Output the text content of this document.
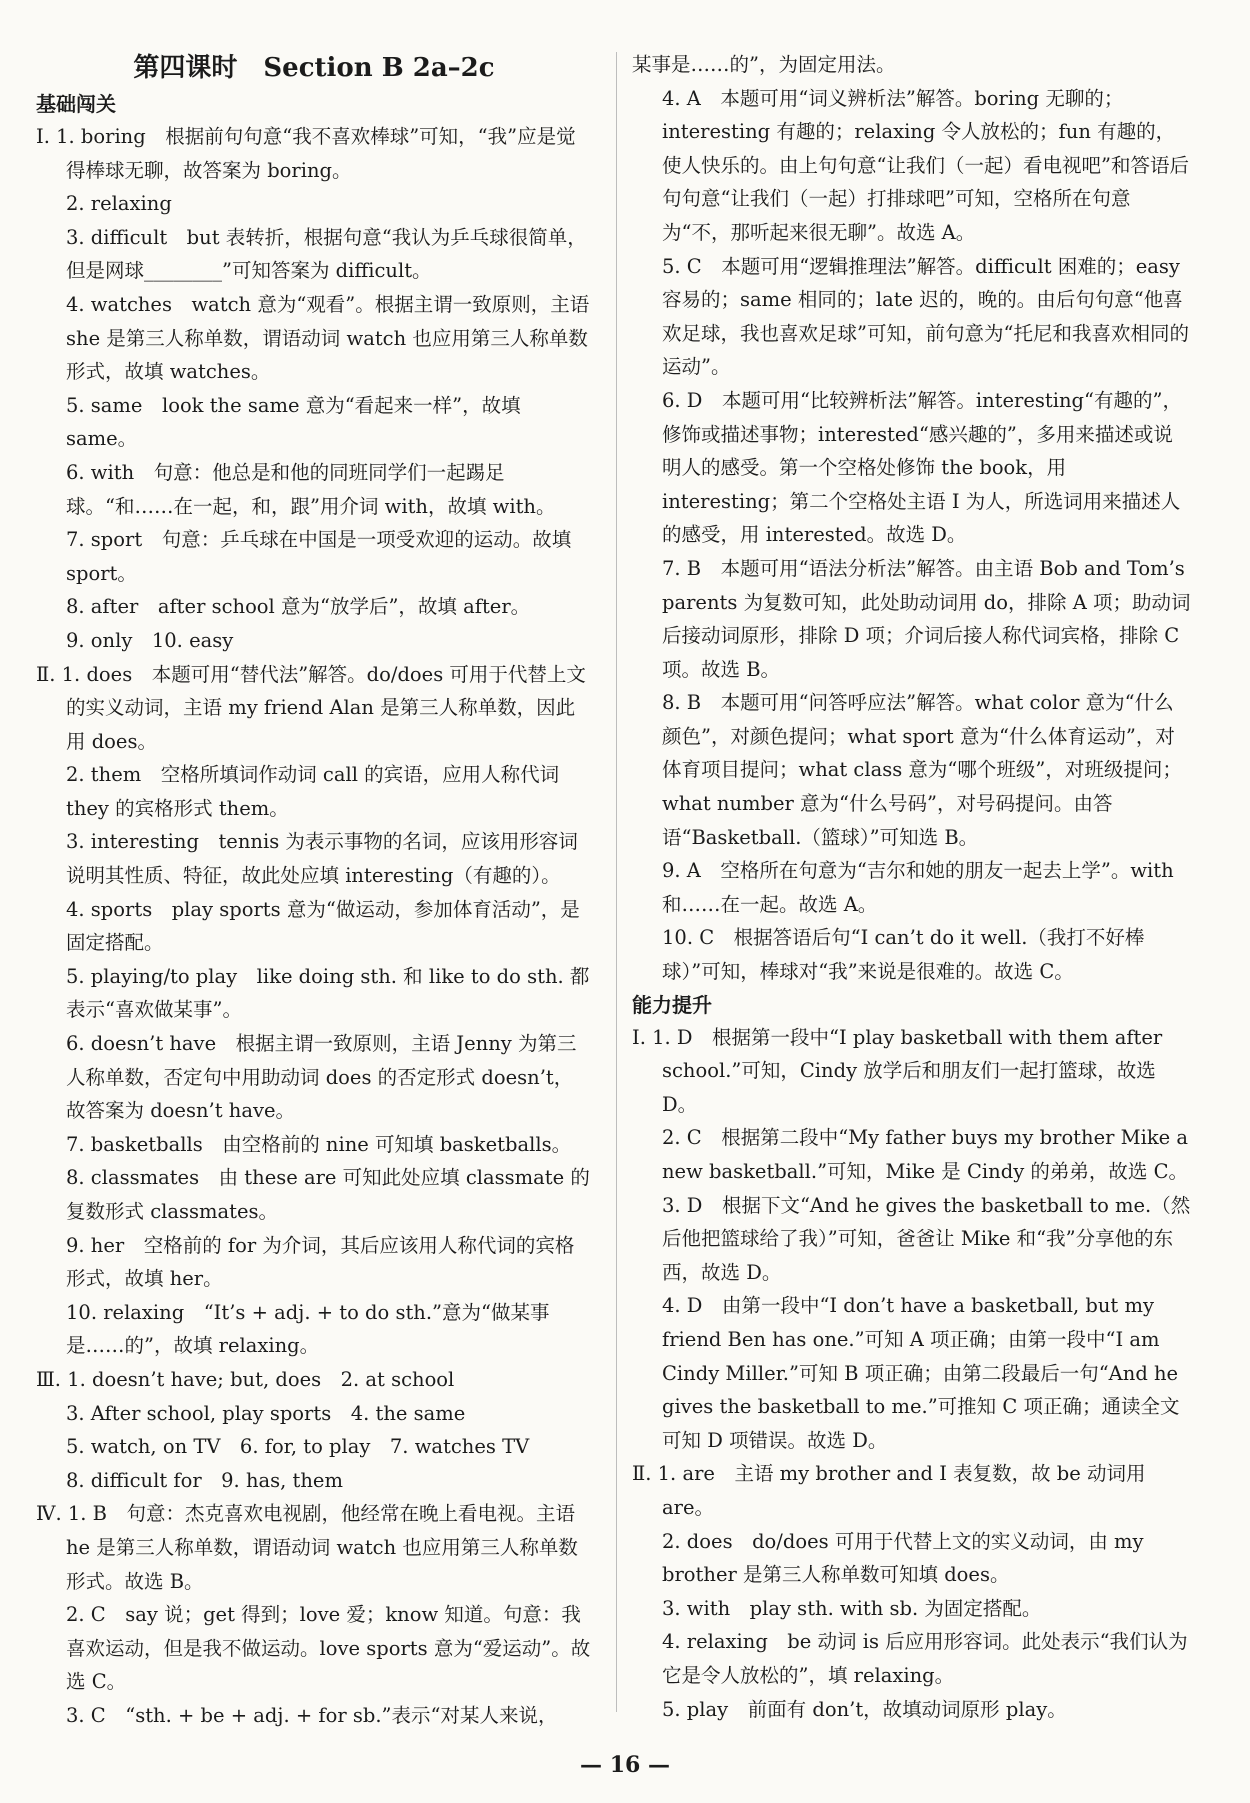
第四课时　Section B 2a–2c
基础闯关

Ⅰ. 1. boring　根据前句句意“我不喜欢棒球”可知，“我”应是觉得棒球无聊，故答案为 boring。

2. relaxing

3. difficult　but 表转折，根据句意“我认为乒乓球很简单，但是网球________”可知答案为 difficult。

4. watches　watch 意为“观看”。根据主谓一致原则，主语 she 是第三人称单数，谓语动词 watch 也应用第三人称单数形式，故填 watches。

5. same　look the same 意为“看起来一样”，故填 same。

6. with　句意：他总是和他的同班同学们一起踢足球。“和……在一起，和，跟”用介词 with，故填 with。

7. sport　句意：乒乓球在中国是一项受欢迎的运动。故填 sport。

8. after　after school 意为“放学后”，故填 after。

9. only　10. easy

Ⅱ. 1. does　本题可用“替代法”解答。do/does 可用于代替上文的实义动词，主语 my friend Alan 是第三人称单数，因此用 does。

2. them　空格所填词作动词 call 的宾语，应用人称代词 they 的宾格形式 them。

3. interesting　tennis 为表示事物的名词，应该用形容词说明其性质、特征，故此处应填 interesting（有趣的）。

4. sports　play sports 意为“做运动，参加体育活动”，是固定搭配。

5. playing/to play　like doing sth. 和 like to do sth. 都表示“喜欢做某事”。

6. doesn’t have　根据主谓一致原则，主语 Jenny 为第三人称单数，否定句中用助动词 does 的否定形式 doesn’t，故答案为 doesn’t have。

7. basketballs　由空格前的 nine 可知填 basketballs。

8. classmates　由 these are 可知此处应填 classmate 的复数形式 classmates。

9. her　空格前的 for 为介词，其后应该用人称代词的宾格形式，故填 her。

10. relaxing　“It’s + adj. + to do sth.”意为“做某事是……的”，故填 relaxing。

Ⅲ. 1. doesn’t have; but, does　2. at school

3. After school, play sports　4. the same

5. watch, on TV　6. for, to play　7. watches TV

8. difficult for　9. has, them

Ⅳ. 1. B　句意：杰克喜欢电视剧，他经常在晚上看电视。主语 he 是第三人称单数，谓语动词 watch 也应用第三人称单数形式。故选 B。

2. C　say 说；get 得到；love 爱；know 知道。句意：我喜欢运动，但是我不做运动。love sports 意为“爱运动”。故选 C。

3. C　“sth. + be + adj. + for sb.”表示“对某人来说，

某事是……的”，为固定用法。

4. A　本题可用“词义辨析法”解答。boring 无聊的；interesting 有趣的；relaxing 令人放松的；fun 有趣的，使人快乐的。由上句句意“让我们（一起）看电视吧”和答语后句句意“让我们（一起）打排球吧”可知，空格所在句意为“不，那听起来很无聊”。故选 A。

5. C　本题可用“逻辑推理法”解答。difficult 困难的；easy 容易的；same 相同的；late 迟的，晚的。由后句句意“他喜欢足球，我也喜欢足球”可知，前句意为“托尼和我喜欢相同的运动”。

6. D　本题可用“比较辨析法”解答。interesting“有趣的”，修饰或描述事物；interested“感兴趣的”，多用来描述或说明人的感受。第一个空格处修饰 the book，用 interesting；第二个空格处主语 I 为人，所选词用来描述人的感受，用 interested。故选 D。

7. B　本题可用“语法分析法”解答。由主语 Bob and Tom’s parents 为复数可知，此处助动词用 do，排除 A 项；助动词后接动词原形，排除 D 项；介词后接人称代词宾格，排除 C 项。故选 B。

8. B　本题可用“问答呼应法”解答。what color 意为“什么颜色”，对颜色提问；what sport 意为“什么体育运动”，对体育项目提问；what class 意为“哪个班级”，对班级提问；what number 意为“什么号码”，对号码提问。由答语“Basketball.（篮球）”可知选 B。

9. A　空格所在句意为“吉尔和她的朋友一起去上学”。with 和……在一起。故选 A。

10. C　根据答语后句“I can’t do it well.（我打不好棒球）”可知，棒球对“我”来说是很难的。故选 C。

能力提升

Ⅰ. 1. D　根据第一段中“I play basketball with them after school.”可知，Cindy 放学后和朋友们一起打篮球，故选 D。

2. C　根据第二段中“My father buys my brother Mike a new basketball.”可知，Mike 是 Cindy 的弟弟，故选 C。

3. D　根据下文“And he gives the basketball to me.（然后他把篮球给了我）”可知，爸爸让 Mike 和“我”分享他的东西，故选 D。

4. D　由第一段中“I don’t have a basketball, but my friend Ben has one.”可知 A 项正确；由第一段中“I am Cindy Miller.”可知 B 项正确；由第二段最后一句“And he gives the basketball to me.”可推知 C 项正确；通读全文可知 D 项错误。故选 D。

Ⅱ. 1. are　主语 my brother and I 表复数，故 be 动词用 are。

2. does　do/does 可用于代替上文的实义动词，由 my brother 是第三人称单数可知填 does。

3. with　play sth. with sb. 为固定搭配。

4. relaxing　be 动词 is 后应用形容词。此处表示“我们认为它是令人放松的”，填 relaxing。

5. play　前面有 don’t，故填动词原形 play。

— 16 —
